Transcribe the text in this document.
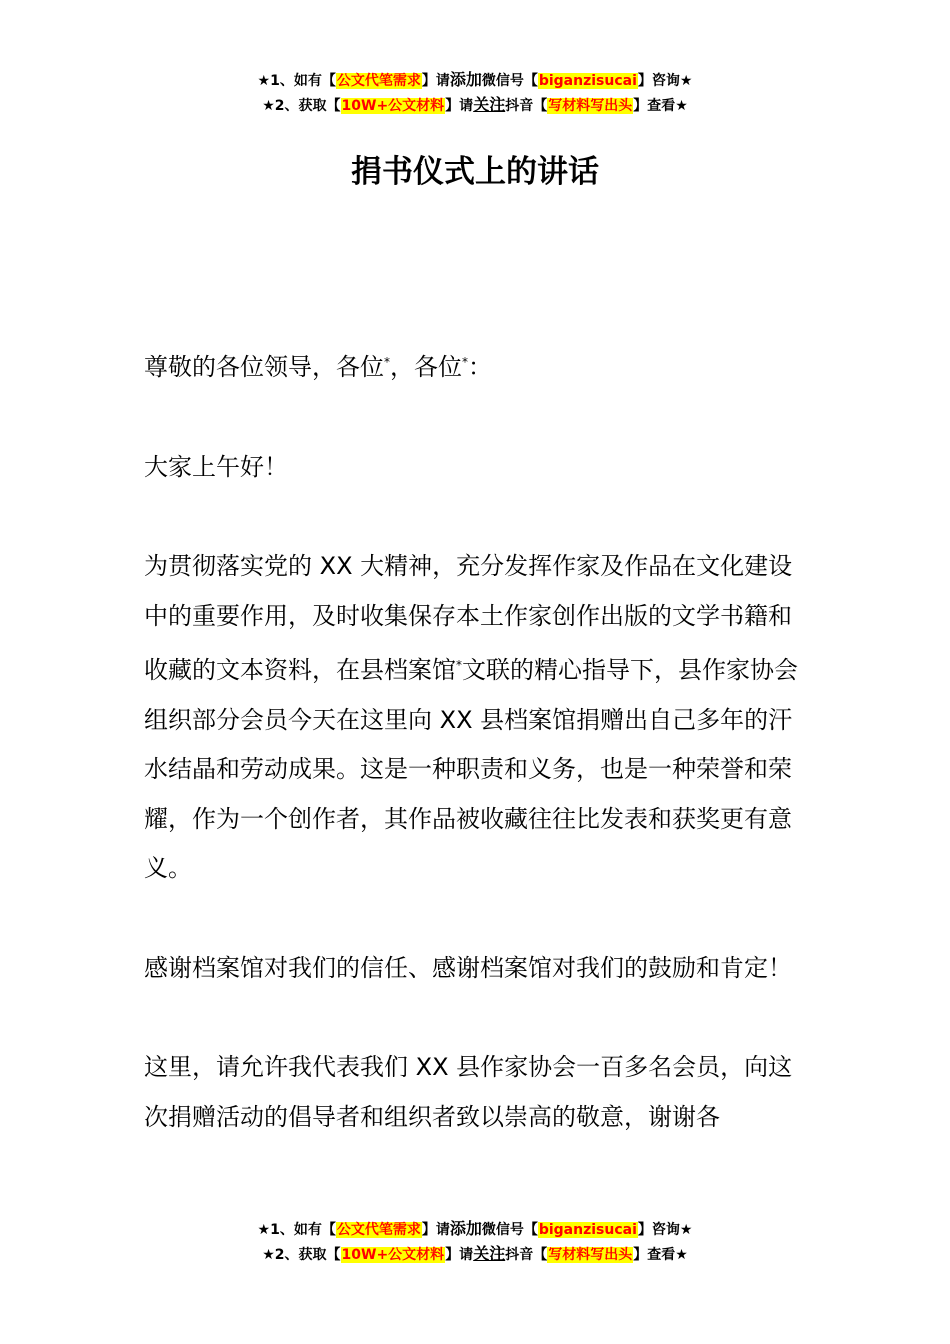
★1、如有【公文代笔需求】请添加微信号【biganzisucai】咨询★
★2、获取【10W+公文材料】请关注抖音【写材料写出头】查看★
捐书仪式上的讲话

尊敬的各位领导，各位*，各位*：

大家上午好！

为贯彻落实党的 XX 大精神，充分发挥作家及作品在文化建设中的重要作用，及时收集保存本土作家创作出版的文学书籍和收藏的文本资料，在县档案馆*文联的精心指导下，县作家协会组织部分会员今天在这里向 XX 县档案馆捐赠出自己多年的汗水结晶和劳动成果。这是一种职责和义务，也是一种荣誉和荣耀，作为一个创作者，其作品被收藏往往比发表和获奖更有意义。

感谢档案馆对我们的信任、感谢档案馆对我们的鼓励和肯定！

这里，请允许我代表我们 XX 县作家协会一百多名会员，向这次捐赠活动的倡导者和组织者致以崇高的敬意，谢谢各

★1、如有【公文代笔需求】请添加微信号【biganzisucai】咨询★
★2、获取【10W+公文材料】请关注抖音【写材料写出头】查看★
